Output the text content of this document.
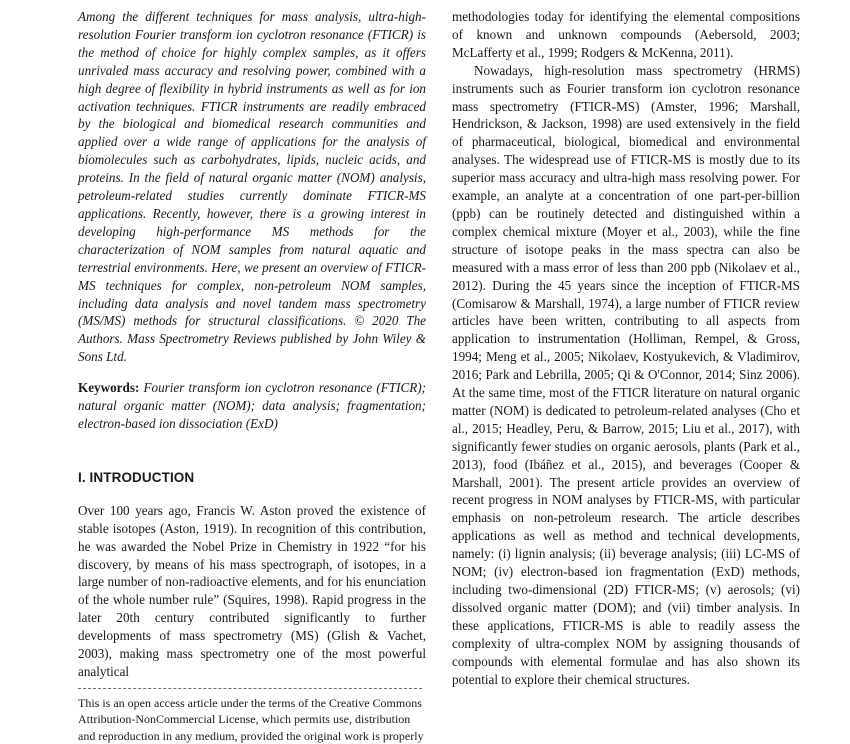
Among the different techniques for mass analysis, ultra-high-resolution Fourier transform ion cyclotron resonance (FTICR) is the method of choice for highly complex samples, as it offers unrivaled mass accuracy and resolving power, combined with a high degree of flexibility in hybrid instruments as well as for ion activation techniques. FTICR instruments are readily embraced by the biological and biomedical research communities and applied over a wide range of applications for the analysis of biomolecules such as carbohydrates, lipids, nucleic acids, and proteins. In the field of natural organic matter (NOM) analysis, petroleum-related studies currently dominate FTICR-MS applications. Recently, however, there is a growing interest in developing high-performance MS methods for the characterization of NOM samples from natural aquatic and terrestrial environments. Here, we present an overview of FTICR-MS techniques for complex, non-petroleum NOM samples, including data analysis and novel tandem mass spectrometry (MS/MS) methods for structural classifications. © 2020 The Authors. Mass Spectrometry Reviews published by John Wiley & Sons Ltd.

Keywords: Fourier transform ion cyclotron resonance (FTICR); natural organic matter (NOM); data analysis; fragmentation; electron-based ion dissociation (ExD)

I. INTRODUCTION

Over 100 years ago, Francis W. Aston proved the existence of stable isotopes (Aston, 1919). In recognition of this contribution, he was awarded the Nobel Prize in Chemistry in 1922 “for his discovery, by means of his mass spectrograph, of isotopes, in a large number of non-radioactive elements, and for his enunciation of the whole number rule” (Squires, 1998). Rapid progress in the later 20th century contributed significantly to further developments of mass spectrometry (MS) (Glish & Vachet, 2003), making mass spectrometry one of the most powerful analytical

This is an open access article under the terms of the Creative Commons Attribution-NonCommercial License, which permits use, distribution and reproduction in any medium, provided the original work is properly

methodologies today for identifying the elemental compositions of known and unknown compounds (Aebersold, 2003; McLafferty et al., 1999; Rodgers & McKenna, 2011).

Nowadays, high-resolution mass spectrometry (HRMS) instruments such as Fourier transform ion cyclotron resonance mass spectrometry (FTICR-MS) (Amster, 1996; Marshall, Hendrickson, & Jackson, 1998) are used extensively in the field of pharmaceutical, biological, biomedical and environmental analyses. The widespread use of FTICR-MS is mostly due to its superior mass accuracy and ultra-high mass resolving power. For example, an analyte at a concentration of one part-per-billion (ppb) can be routinely detected and distinguished within a complex chemical mixture (Moyer et al., 2003), while the fine structure of isotope peaks in the mass spectra can also be measured with a mass error of less than 200 ppb (Nikolaev et al., 2012). During the 45 years since the inception of FTICR-MS (Comisarow & Marshall, 1974), a large number of FTICR review articles have been written, contributing to all aspects from application to instrumentation (Holliman, Rempel, & Gross, 1994; Meng et al., 2005; Nikolaev, Kostyukevich, & Vladimirov, 2016; Park and Lebrilla, 2005; Qi & O'Connor, 2014; Sinz 2006). At the same time, most of the FTICR literature on natural organic matter (NOM) is dedicated to petroleum-related analyses (Cho et al., 2015; Headley, Peru, & Barrow, 2015; Liu et al., 2017), with significantly fewer studies on organic aerosols, plants (Park et al., 2013), food (Ibáñez et al., 2015), and beverages (Cooper & Marshall, 2001). The present article provides an overview of recent progress in NOM analyses by FTICR-MS, with particular emphasis on non-petroleum research. The article describes applications as well as method and technical developments, namely: (i) lignin analysis; (ii) beverage analysis; (iii) LC-MS of NOM; (iv) electron-based ion fragmentation (ExD) methods, including two-dimensional (2D) FTICR-MS; (v) aerosols; (vi) dissolved organic matter (DOM); and (vii) timber analysis. In these applications, FTICR-MS is able to readily assess the complexity of ultra-complex NOM by assigning thousands of compounds with elemental formulae and has also shown its potential to explore their chemical structures.
